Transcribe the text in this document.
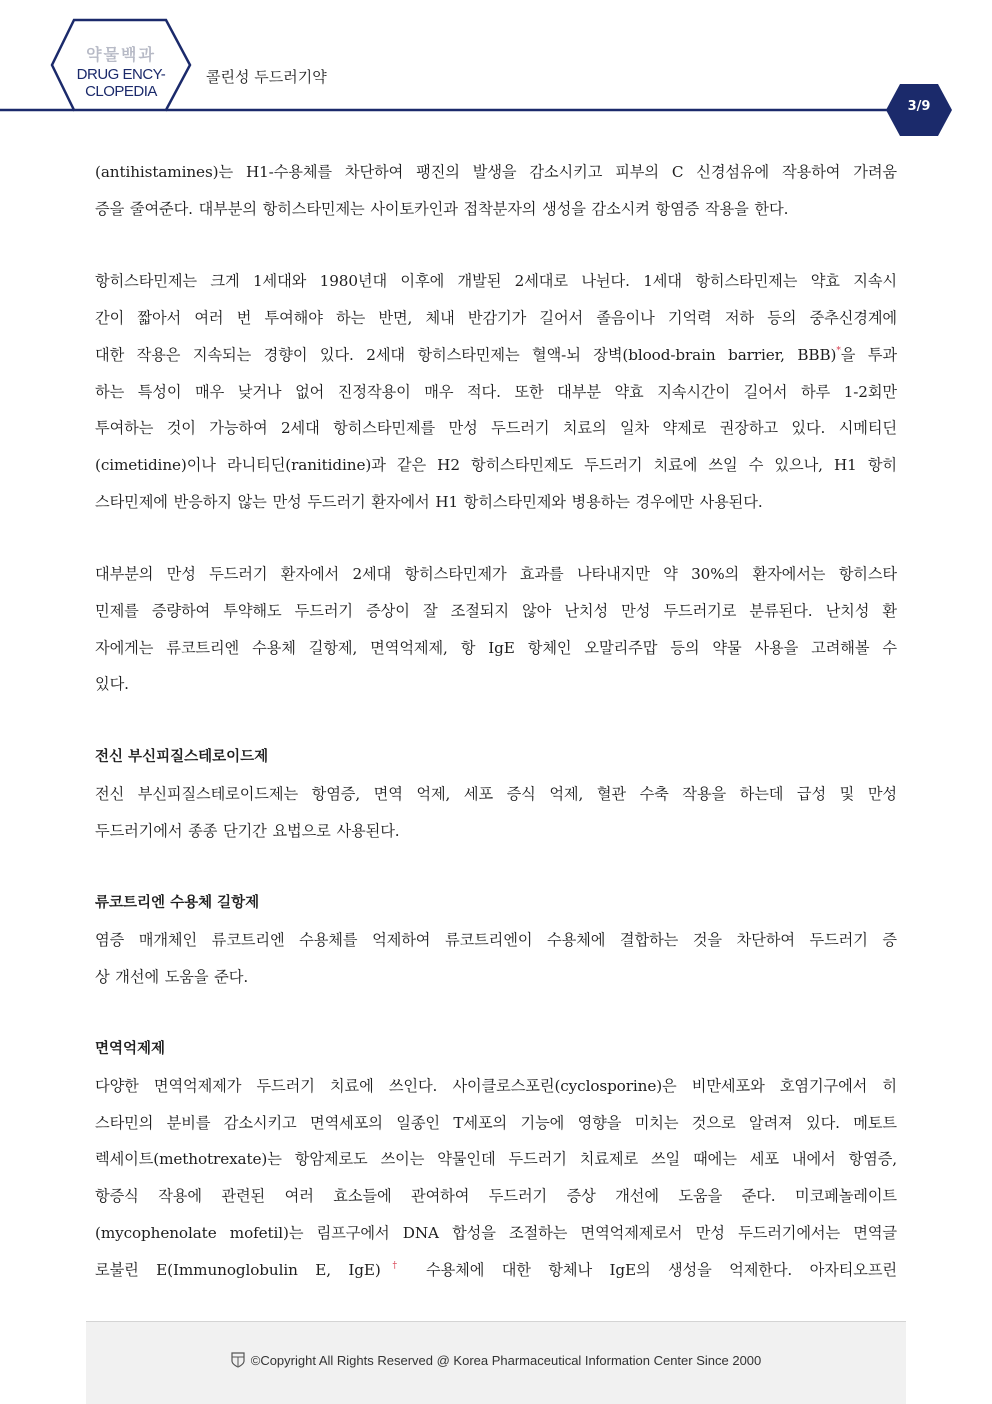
약물백과
DRUG ENCY-
CLOPEDIA
콜린성 두드러기약
3/9

(antihistamines)는 H1-수용체를 차단하여 팽진의 발생을 감소시키고 피부의 C 신경섬유에 작용하여 가려움

증을 줄여준다. 대부분의 항히스타민제는 사이토카인과 접착분자의 생성을 감소시켜 항염증 작용을 한다.

항히스타민제는 크게 1세대와 1980년대 이후에 개발된 2세대로 나뉜다. 1세대 항히스타민제는 약효 지속시

간이 짧아서 여러 번 투여해야 하는 반면, 체내 반감기가 길어서 졸음이나 기억력 저하 등의 중추신경계에

대한 작용은 지속되는 경향이 있다. 2세대 항히스타민제는 혈액-뇌 장벽(blood-brain barrier, BBB)*을 투과

하는 특성이 매우 낮거나 없어 진정작용이 매우 적다. 또한 대부분 약효 지속시간이 길어서 하루 1-2회만

투여하는 것이 가능하여 2세대 항히스타민제를 만성 두드러기 치료의 일차 약제로 권장하고 있다. 시메티딘

(cimetidine)이나 라니티딘(ranitidine)과 같은 H2 항히스타민제도 두드러기 치료에 쓰일 수 있으나, H1 항히

스타민제에 반응하지 않는 만성 두드러기 환자에서 H1 항히스타민제와 병용하는 경우에만 사용된다.

대부분의 만성 두드러기 환자에서 2세대 항히스타민제가 효과를 나타내지만 약 30%의 환자에서는 항히스타

민제를 증량하여 투약해도 두드러기 증상이 잘 조절되지 않아 난치성 만성 두드러기로 분류된다. 난치성 환

자에게는 류코트리엔 수용체 길항제, 면역억제제, 항 IgE 항체인 오말리주맙 등의 약물 사용을 고려해볼 수

있다.

전신 부신피질스테로이드제

전신 부신피질스테로이드제는 항염증, 면역 억제, 세포 증식 억제, 혈관 수축 작용을 하는데 급성 및 만성

두드러기에서 종종 단기간 요법으로 사용된다.

류코트리엔 수용체 길항제

염증 매개체인 류코트리엔 수용체를 억제하여 류코트리엔이 수용체에 결합하는 것을 차단하여 두드러기 증

상 개선에 도움을 준다.

면역억제제

다양한 면역억제제가 두드러기 치료에 쓰인다. 사이클로스포린(cyclosporine)은 비만세포와 호염기구에서 히

스타민의 분비를 감소시키고 면역세포의 일종인 T세포의 기능에 영향을 미치는 것으로 알려져 있다. 메토트

렉세이트(methotrexate)는 항암제로도 쓰이는 약물인데 두드러기 치료제로 쓰일 때에는 세포 내에서 항염증,

항증식 작용에 관련된 여러 효소들에 관여하여 두드러기 증상 개선에 도움을 준다. 미코페놀레이트

(mycophenolate mofetil)는 림프구에서 DNA 합성을 조절하는 면역억제제로서 만성 두드러기에서는 면역글

로불린 E(Immunoglobulin E, IgE)† 수용체에 대한 항체나 IgE의 생성을 억제한다. 아자티오프린

©Copyright All Rights Reserved @ Korea Pharmaceutical Information Center Since 2000
